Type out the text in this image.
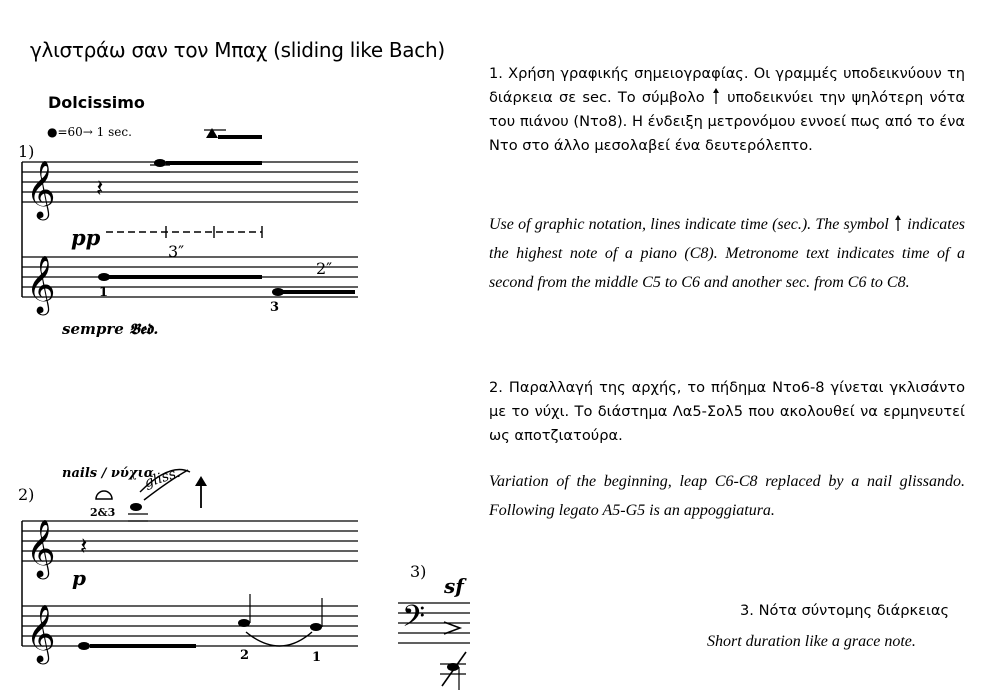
γλιστράω σαν τον Μπαχ (sliding like Bach)
𝄞
𝄞
𝄽
𝄞
𝄞
𝄽
𝄢
Dolcissimo
●=60→ 1 sec.
1)
pp
3″
2″
1
3
sempre 𝕭𝖊𝖉.
2)
nails / νύχια
2&3
gliss.
p
2	1
3)
sf
1. Χρήση γραφικής σημειογραφίας. Οι γραμμές υποδεικνύουν τη διάρκεια σε sec. Το σύμβολο υποδεικνύει την ψηλότερη νότα του πιάνου (Ντο8). Η ένδειξη μετρονόμου εννοεί πως από το ένα Ντο στο άλλο μεσολαβεί ένα δευτερόλεπτο.
Use of graphic notation, lines indicate time (sec.). The symbol indicates the highest note of a piano (C8). Metronome text indicates time of a second from the middle C5 to C6 and another sec. from C6 to C8.
2. Παραλλαγή της αρχής, το πήδημα Ντο6-8 γίνεται γκλισάντο με το νύχι. Το διάστημα Λα5-Σολ5 που ακολουθεί να ερμηνευτεί ως αποτζιατούρα.
Variation of the beginning, leap C6-C8 replaced by a nail glissando. Following legato A5-G5 is an appoggiatura.
3. Νότα σύντομης διάρκειας
Short duration like a grace note.
